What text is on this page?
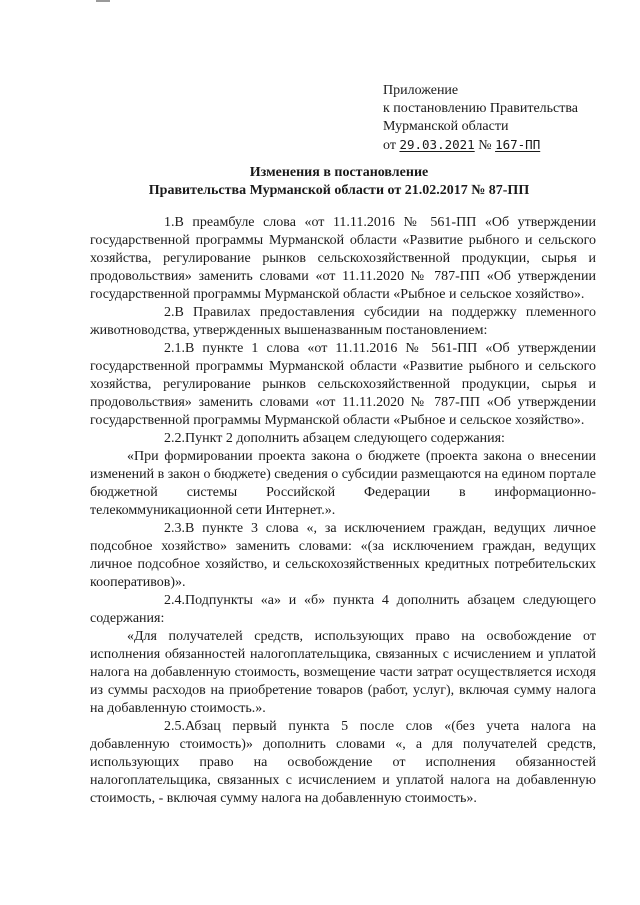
Приложение
к постановлению Правительства
Мурманской области
от 29.03.2021 № 167-ПП
Изменения в постановление
Правительства Мурманской области от 21.02.2017 № 87-ПП

1.В преамбуле слова «от 11.11.2016 № 561-ПП «Об утверждении государственной программы Мурманской области «Развитие рыбного и сельского хозяйства, регулирование рынков сельскохозяйственной продукции, сырья и продовольствия» заменить словами «от 11.11.2020 № 787-ПП «Об утверждении государственной программы Мурманской области «Рыбное и сельское хозяйство».

2.В Правилах предоставления субсидии на поддержку племенного животноводства, утвержденных вышеназванным постановлением:

2.1.В пункте 1 слова «от 11.11.2016 № 561-ПП «Об утверждении государственной программы Мурманской области «Развитие рыбного и сельского хозяйства, регулирование рынков сельскохозяйственной продукции, сырья и продовольствия» заменить словами «от 11.11.2020 № 787-ПП «Об утверждении государственной программы Мурманской области «Рыбное и сельское хозяйство».

2.2.Пункт 2 дополнить абзацем следующего содержания:

«При формировании проекта закона о бюджете (проекта закона о внесении изменений в закон о бюджете) сведения о субсидии размещаются на едином портале бюджетной системы Российской Федерации в информационно-телекоммуникационной сети Интернет.».

2.3.В пункте 3 слова «, за исключением граждан, ведущих личное подсобное хозяйство» заменить словами: «(за исключением граждан, ведущих личное подсобное хозяйство, и сельскохозяйственных кредитных потребительских кооперативов)».

2.4.Подпункты «а» и «б» пункта 4 дополнить абзацем следующего содержания:

«Для получателей средств, использующих право на освобождение от исполнения обязанностей налогоплательщика, связанных с исчислением и уплатой налога на добавленную стоимость, возмещение части затрат осуществляется исходя из суммы расходов на приобретение товаров (работ, услуг), включая сумму налога на добавленную стоимость.».

2.5.Абзац первый пункта 5 после слов «(без учета налога на добавленную стоимость)» дополнить словами «, а для получателей средств, использующих право на освобождение от исполнения обязанностей налогоплательщика, связанных с исчислением и уплатой налога на добавленную стоимость, - включая сумму налога на добавленную стоимость».
